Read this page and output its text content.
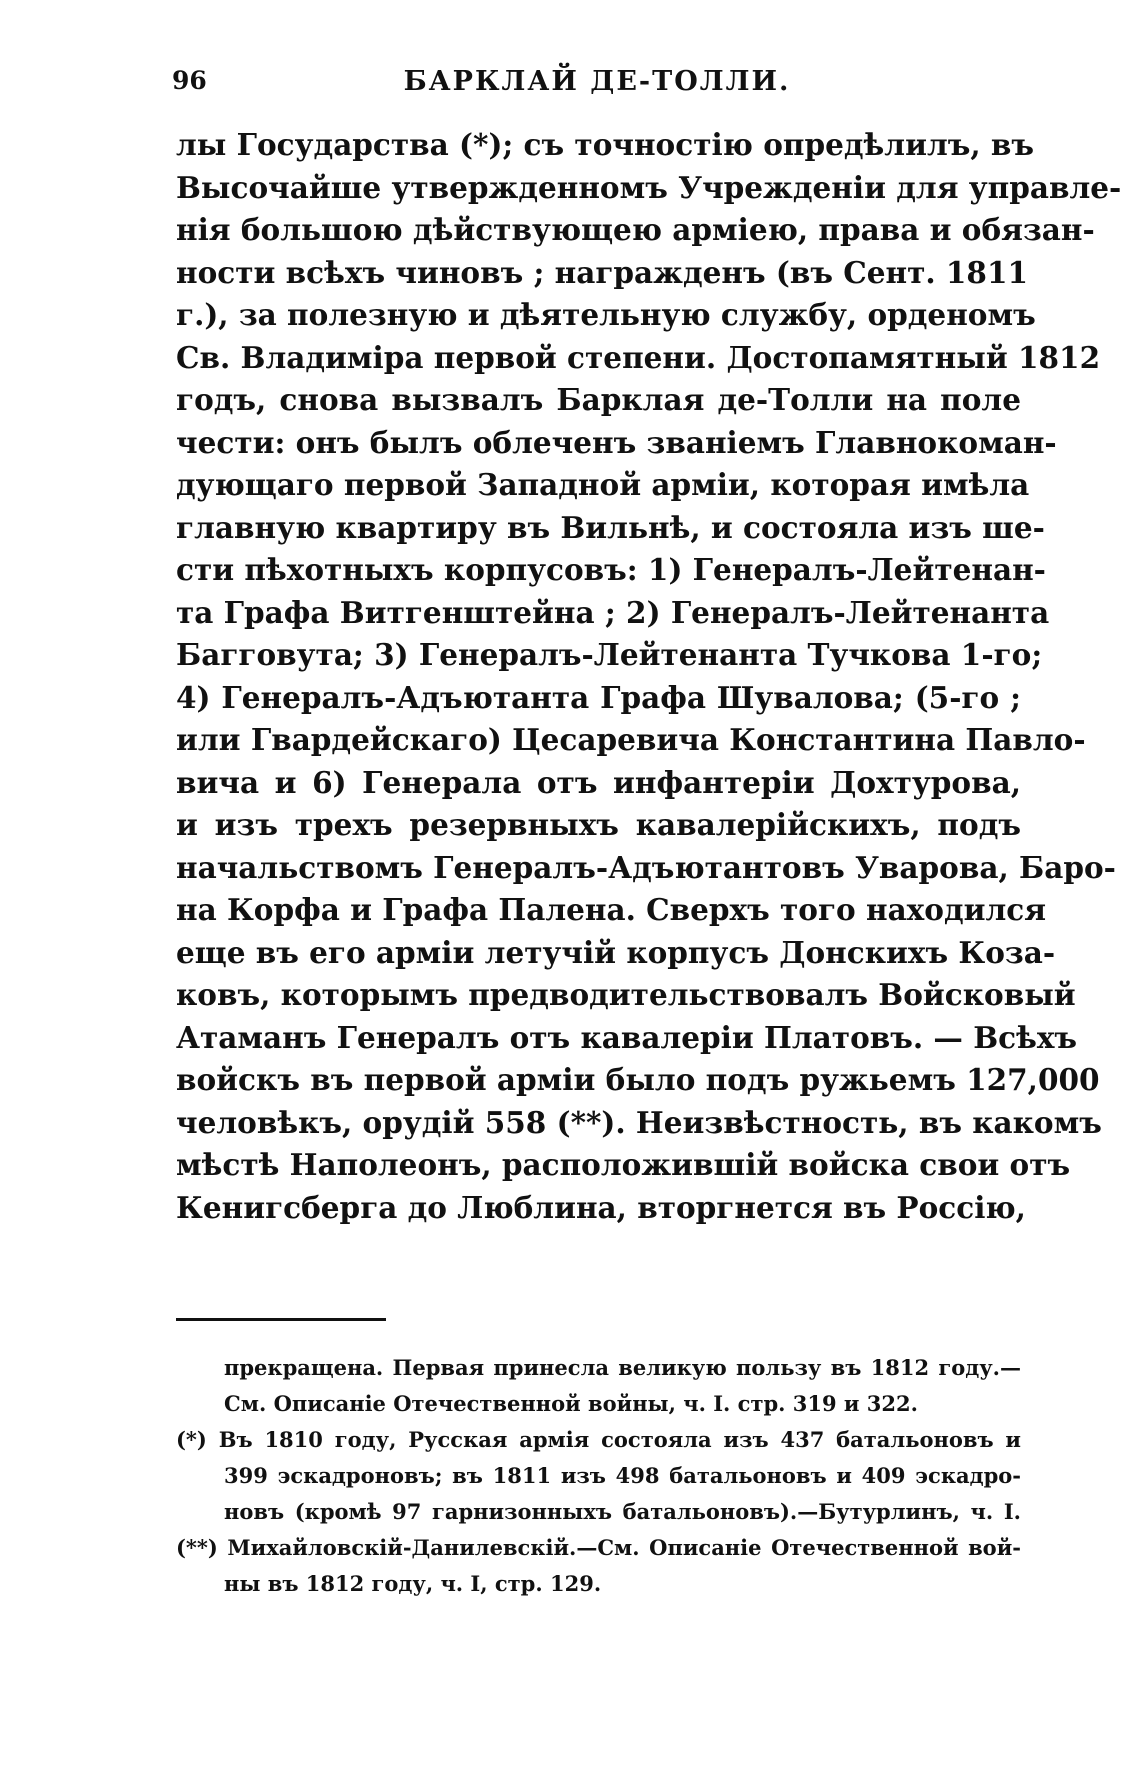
96	БАРКЛАЙ ДЕ-ТОЛЛИ.
лы Государства (*); съ точностію опредѣлилъ, въ
Высочайше утвержденномъ Учрежденіи для управле-
нія большою дѣйствующею арміею, права и обязан-
ности всѣхъ чиновъ ; награжденъ (въ Сент. 1811
г.), за полезную и дѣятельную службу, орденомъ
Св. Владиміра первой степени. Достопамятный 1812
годъ, снова вызвалъ Барклая де-Толли на поле
чести: онъ былъ облеченъ званіемъ Главнокоман-
дующаго первой Западной арміи, которая имѣла
главную квартиру въ Вильнѣ, и состояла изъ ше-
сти пѣхотныхъ корпусовъ: 1) Генералъ-Лейтенан-
та Графа Витгенштейна ; 2) Генералъ-Лейтенанта
Багговута; 3) Генералъ-Лейтенанта Тучкова 1-го;
4) Генералъ-Адъютанта Графа Шувалова; (5-го ;
или Гвардейскаго) Цесаревича Константина Павло-
вича и 6) Генерала отъ инфантеріи Дохтурова,
и изъ трехъ резервныхъ кавалерійскихъ, подъ
начальствомъ Генералъ-Адъютантовъ Уварова, Баро-
на Корфа и Графа Палена. Сверхъ того находился
еще въ его арміи летучій корпусъ Донскихъ Коза-
ковъ, которымъ предводительствовалъ Войсковый
Атаманъ Генералъ отъ кавалеріи Платовъ. — Всѣхъ
войскъ въ первой арміи было подъ ружьемъ 127,000
человѣкъ, орудій 558 (**). Неизвѣстность, въ какомъ
мѣстѣ Наполеонъ, расположившій войска свои отъ
Кенигсберга до Люблина, вторгнется въ Россію,
прекращена. Первая принесла великую пользу въ 1812 году.—
См. Описаніе Отечественной войны, ч. I. стр. 319 и 322.
(*) Въ 1810 году, Русская армія состояла изъ 437 батальоновъ и
399 эскадроновъ; въ 1811 изъ 498 батальоновъ и 409 эскадро-
новъ (кромѣ 97 гарнизонныхъ батальоновъ).—Бутурлинъ, ч. I.
(**) Михайловскій-Данилевскій.—См. Описаніе Отечественной вой-
ны въ 1812 году, ч. I, стр. 129.
